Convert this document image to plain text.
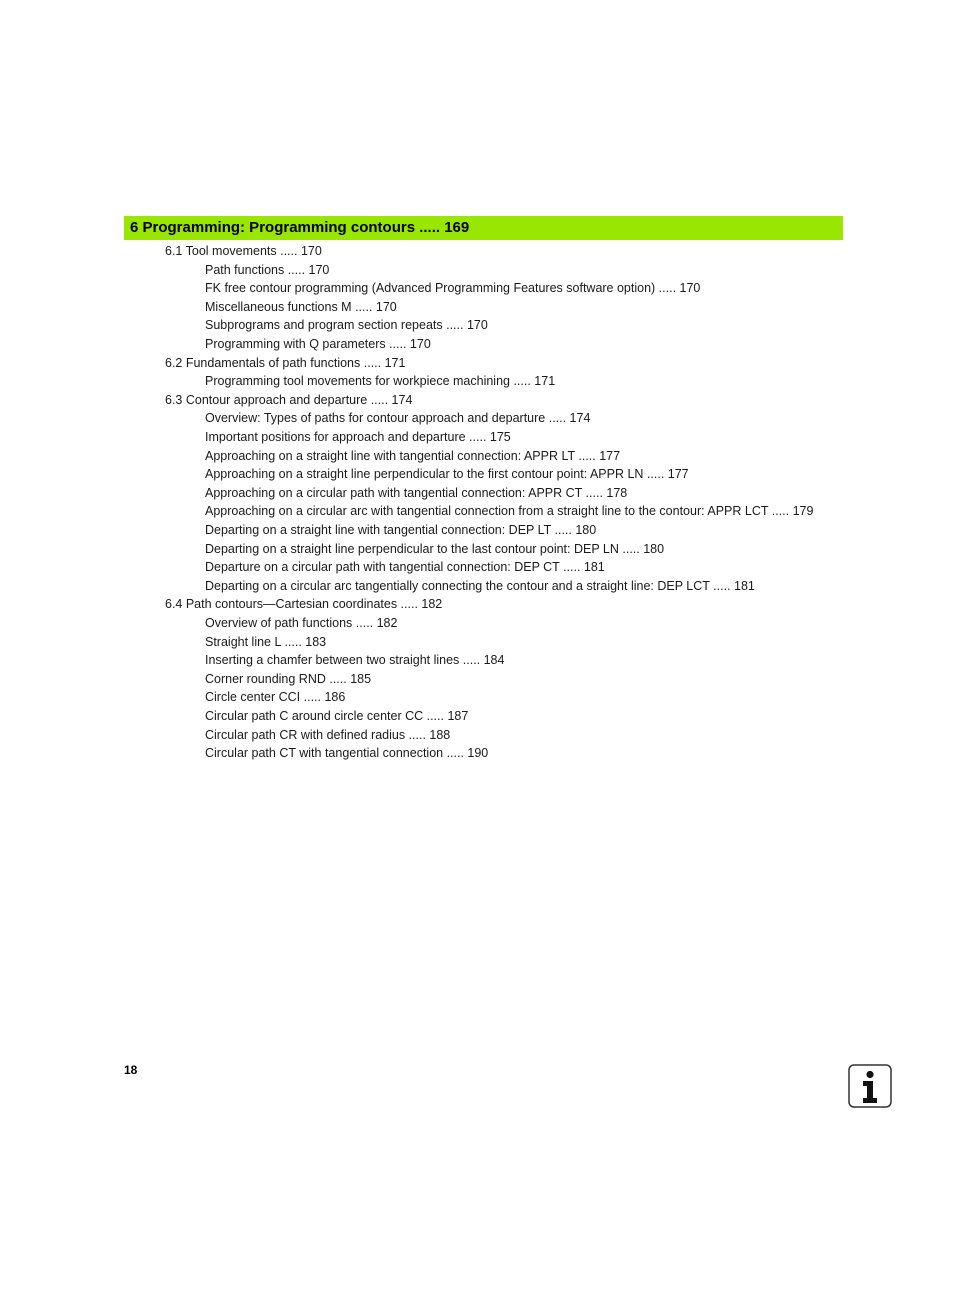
6 Programming: Programming contours ..... 169
6.1 Tool movements ..... 170
Path functions ..... 170
FK free contour programming (Advanced Programming Features software option) ..... 170
Miscellaneous functions M ..... 170
Subprograms and program section repeats ..... 170
Programming with Q parameters ..... 170
6.2 Fundamentals of path functions ..... 171
Programming tool movements for workpiece machining ..... 171
6.3 Contour approach and departure ..... 174
Overview: Types of paths for contour approach and departure ..... 174
Important positions for approach and departure ..... 175
Approaching on a straight line with tangential connection: APPR LT ..... 177
Approaching on a straight line perpendicular to the first contour point: APPR LN ..... 177
Approaching on a circular path with tangential connection: APPR CT ..... 178
Approaching on a circular arc with tangential connection from a straight line to the contour: APPR LCT ..... 179
Departing on a straight line with tangential connection: DEP LT ..... 180
Departing on a straight line perpendicular to the last contour point: DEP LN ..... 180
Departure on a circular path with tangential connection: DEP CT ..... 181
Departing on a circular arc tangentially connecting the contour and a straight line: DEP LCT ..... 181
6.4 Path contours—Cartesian coordinates ..... 182
Overview of path functions ..... 182
Straight line L ..... 183
Inserting a chamfer between two straight lines ..... 184
Corner rounding RND ..... 185
Circle center CCI ..... 186
Circular path C around circle center CC ..... 187
Circular path CR with defined radius ..... 188
Circular path CT with tangential connection ..... 190
18
